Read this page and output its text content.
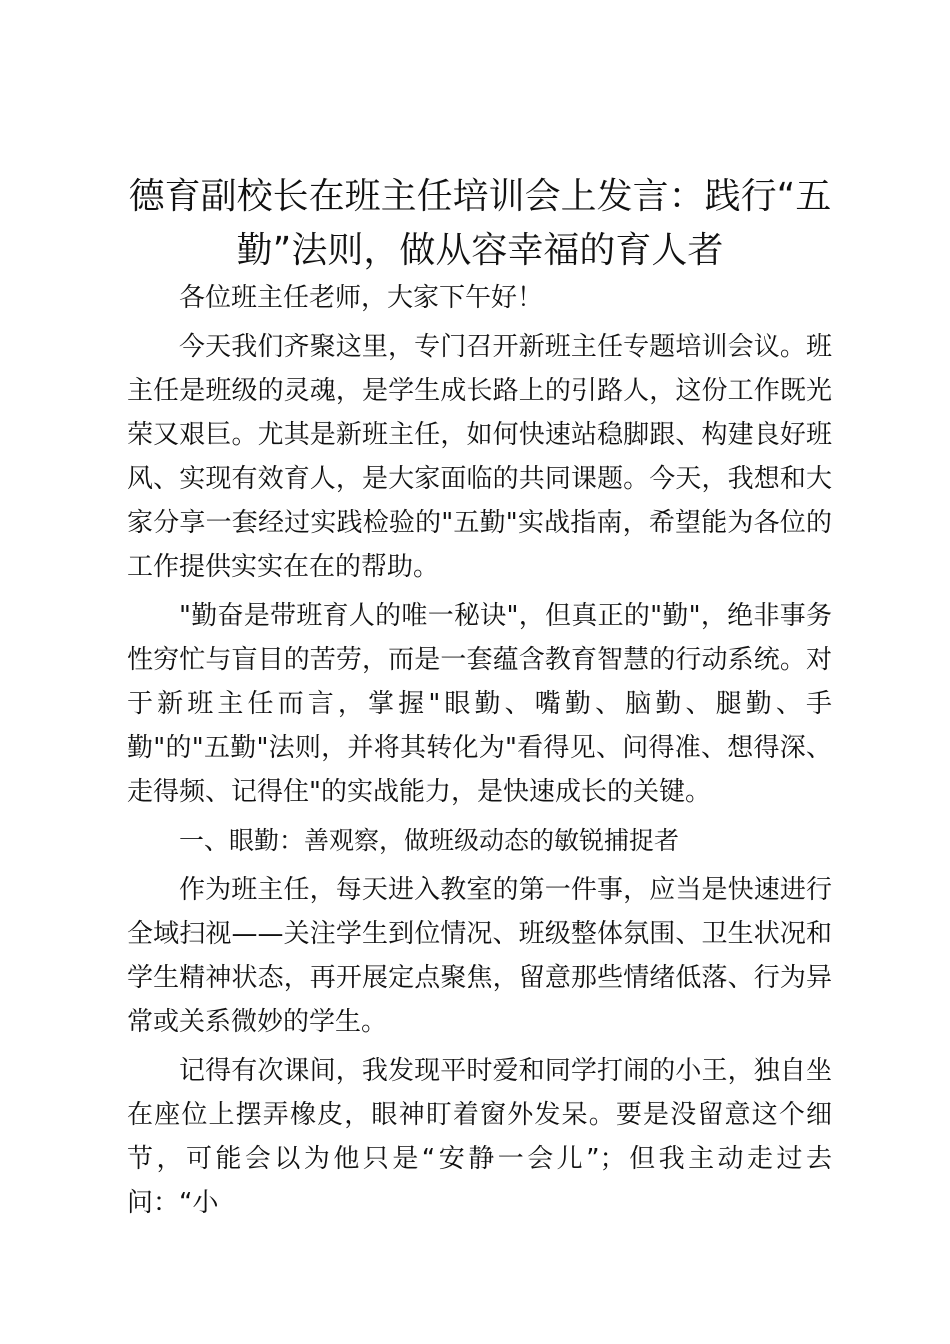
德育副校长在班主任培训会上发言：践行“五勤”法则，做从容幸福的育人者

各位班主任老师，大家下午好！

今天我们齐聚这里，专门召开新班主任专题培训会议。班主任是班级的灵魂，是学生成长路上的引路人，这份工作既光荣又艰巨。尤其是新班主任，如何快速站稳脚跟、构建良好班风、实现有效育人，是大家面临的共同课题。今天，我想和大家分享一套经过实践检验的"五勤"实战指南，希望能为各位的工作提供实实在在的帮助。

"勤奋是带班育人的唯一秘诀"，但真正的"勤"，绝非事务性穷忙与盲目的苦劳，而是一套蕴含教育智慧的行动系统。对于新班主任而言，掌握"眼勤、嘴勤、脑勤、腿勤、手勤"的"五勤"法则，并将其转化为"看得见、问得准、想得深、走得频、记得住"的实战能力，是快速成长的关键。

一、眼勤：善观察，做班级动态的敏锐捕捉者

作为班主任，每天进入教室的第一件事，应当是快速进行全域扫视——关注学生到位情况、班级整体氛围、卫生状况和学生精神状态，再开展定点聚焦，留意那些情绪低落、行为异常或关系微妙的学生。

记得有次课间，我发现平时爱和同学打闹的小王，独自坐在座位上摆弄橡皮，眼神盯着窗外发呆。要是没留意这个细节，可能会以为他只是“安静一会儿”；但我主动走过去问：“小
